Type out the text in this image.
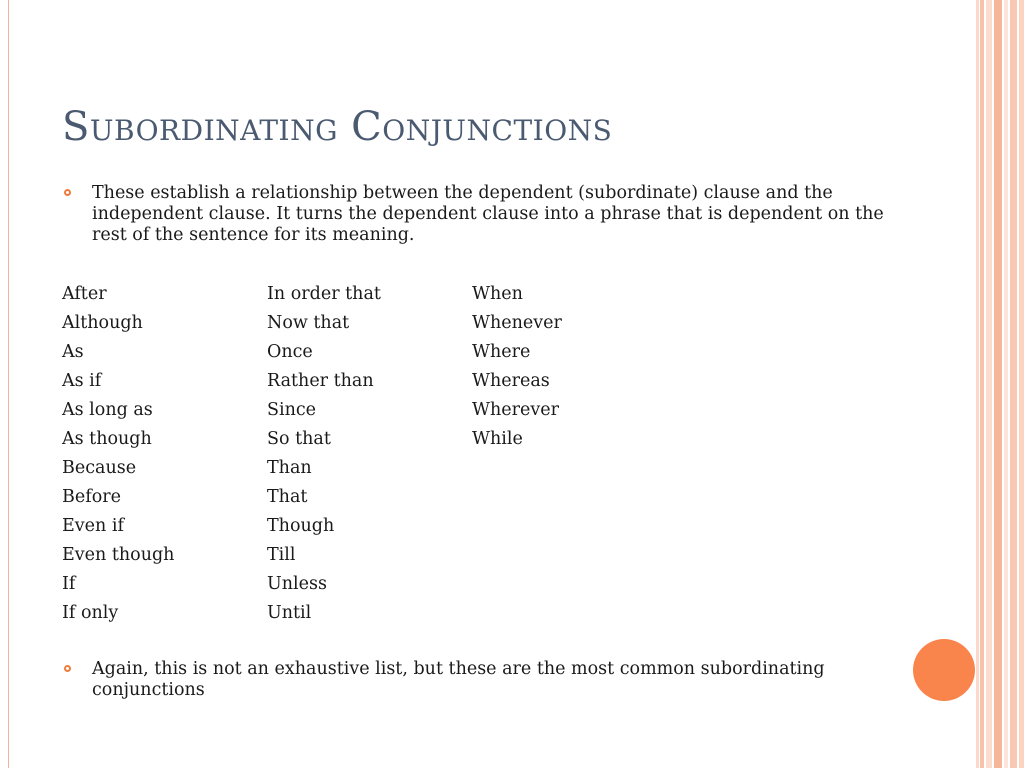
Subordinating Conjunctions
These establish a relationship between the dependent (subordinate) clause and the independent clause. It turns the dependent clause into a phrase that is dependent on the rest of the sentence for its meaning.
After
Although
As
As if
As long as
As though
Because
Before
Even if
Even though
If
If only
In order that
Now that
Once
Rather than
Since
So that
Than
That
Though
Till
Unless
Until
When
Whenever
Where
Whereas
Wherever
While
Again, this is not an exhaustive list, but these are the most common subordinating conjunctions
